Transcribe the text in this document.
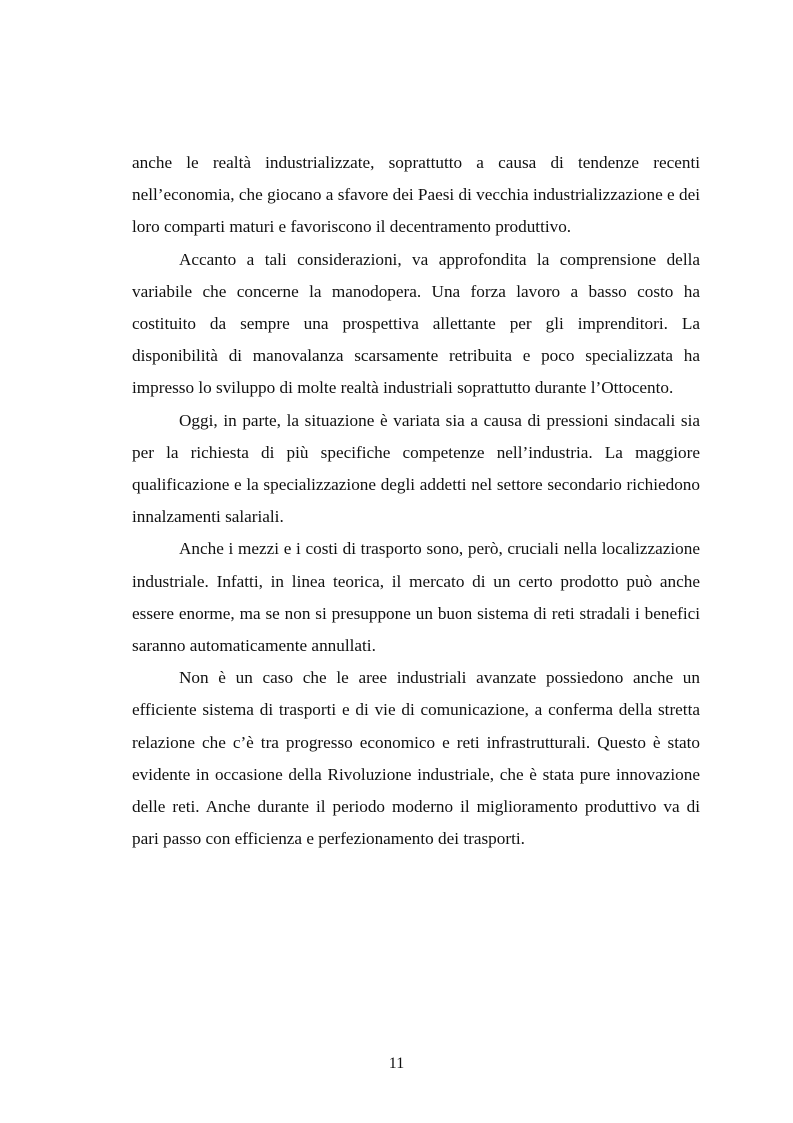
anche le realtà industrializzate, soprattutto a causa di tendenze recenti nell’economia, che giocano a sfavore dei Paesi di vecchia industrializzazione e dei loro comparti maturi e favoriscono il decentramento produttivo.

Accanto a tali considerazioni, va approfondita la comprensione della variabile che concerne la manodopera. Una forza lavoro a basso costo ha costituito da sempre una prospettiva allettante per gli imprenditori. La disponibilità di manovalanza scarsamente retribuita e poco specializzata ha impresso lo sviluppo di molte realtà industriali soprattutto durante l’Ottocento.

Oggi, in parte, la situazione è variata sia a causa di pressioni sindacali sia per la richiesta di più specifiche competenze nell’industria. La maggiore qualificazione e la specializzazione degli addetti nel settore secondario richiedono innalzamenti salariali.

Anche i mezzi e i costi di trasporto sono, però, cruciali nella localizzazione industriale. Infatti, in linea teorica, il mercato di un certo prodotto può anche essere enorme, ma se non si presuppone un buon sistema di reti stradali i benefici saranno automaticamente annullati.

Non è un caso che le aree industriali avanzate possiedono anche un efficiente sistema di trasporti e di vie di comunicazione, a conferma della stretta relazione che c’è tra progresso economico e reti infrastrutturali. Questo è stato evidente in occasione della Rivoluzione industriale, che è stata pure innovazione delle reti. Anche durante il periodo moderno il miglioramento produttivo va di pari passo con efficienza e perfezionamento dei trasporti.

11
